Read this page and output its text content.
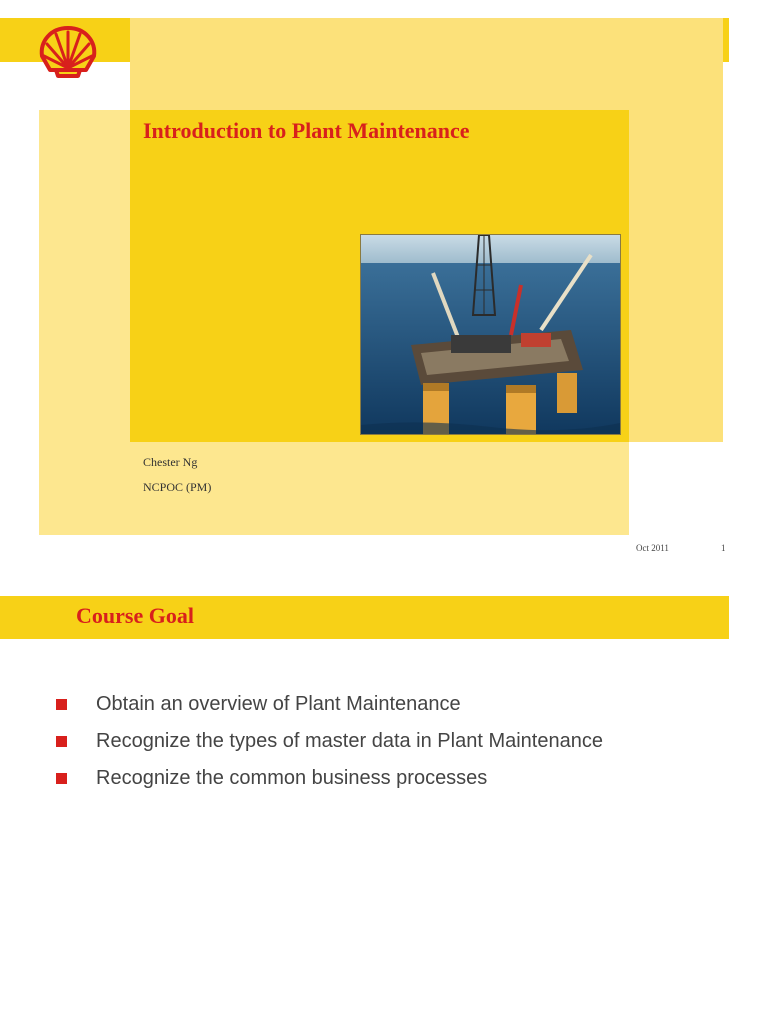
Introduction to Plant Maintenance
Chester Ng
NCPOC (PM)
Oct 2011	1
Course Goal
Obtain an overview of Plant Maintenance
Recognize the types of master data in Plant Maintenance
Recognize the common business processes
